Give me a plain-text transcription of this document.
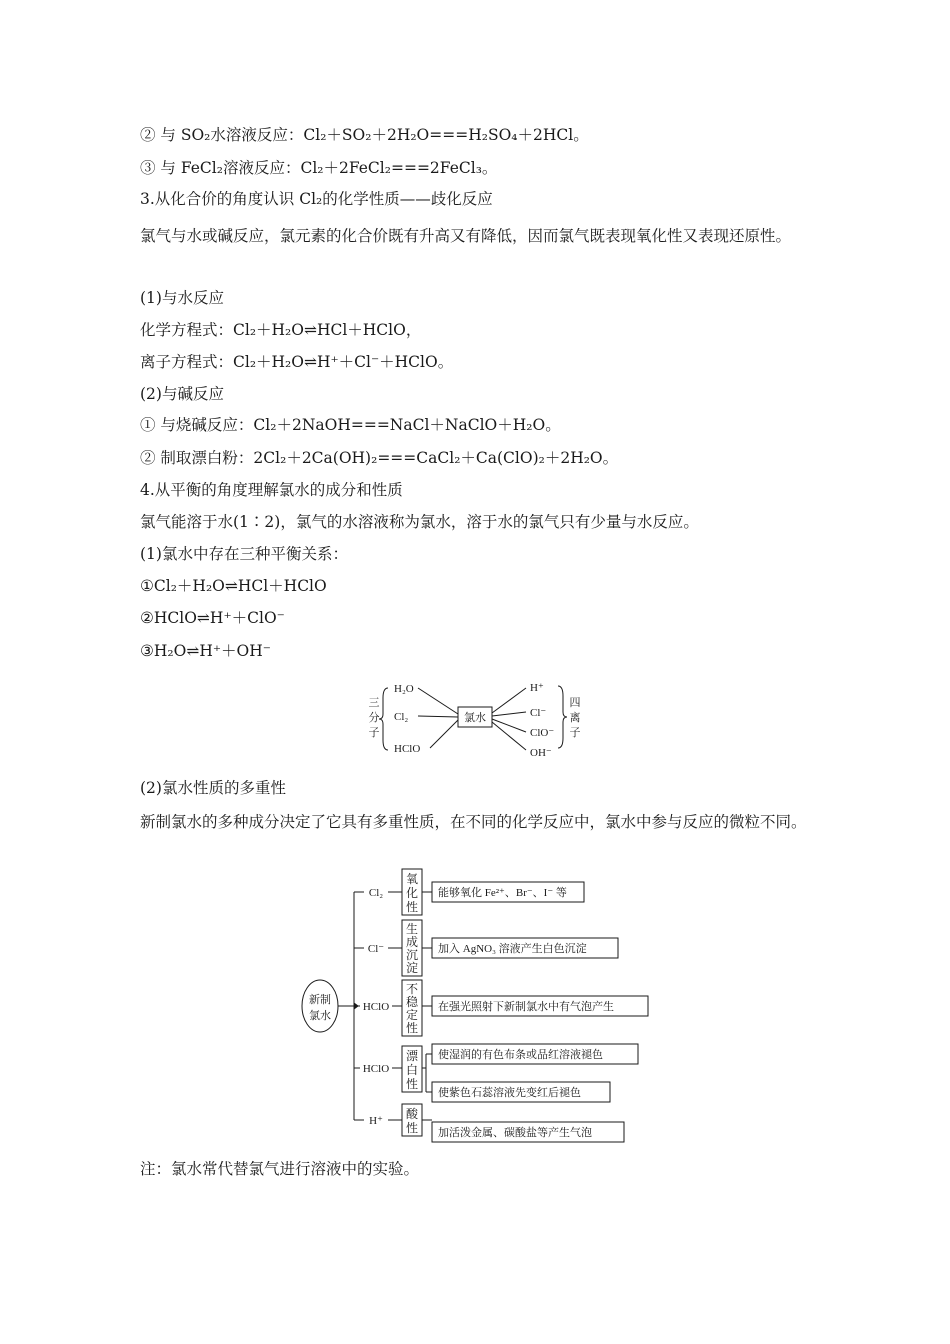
② 与 SO₂水溶液反应：Cl₂＋SO₂＋2H₂O===H₂SO₄＋2HCl。
③ 与 FeCl₂溶液反应：Cl₂＋2FeCl₂===2FeCl₃。
3.从化合价的角度认识 Cl₂的化学性质——歧化反应
氯气与水或碱反应，氯元素的化合价既有升高又有降低，因而氯气既表现氧化性又表现还原性。
(1)与水反应
化学方程式：Cl₂＋H₂O⇌HCl＋HClO，
离子方程式：Cl₂＋H₂O⇌H⁺＋Cl⁻＋HClO。
(2)与碱反应
① 与烧碱反应：Cl₂＋2NaOH===NaCl＋NaClO＋H₂O。
② 制取漂白粉：2Cl₂＋2Ca(OH)₂===CaCl₂＋Ca(ClO)₂＋2H₂O。
4.从平衡的角度理解氯水的成分和性质
氯气能溶于水(1∶2)，氯气的水溶液称为氯水，溶于水的氯气只有少量与水反应。
(1)氯水中存在三种平衡关系：
①Cl₂＋H₂O⇌HCl＋HClO
②HClO⇌H⁺＋ClO⁻
③H₂O⇌H⁺＋OH⁻
三
分
子
H₂O
Cl₂
HClO
氯水
H⁺
Cl⁻
ClO⁻
OH⁻
四
离
子
(2)氯水性质的多重性
新制氯水的多种成分决定了它具有多重性质，在不同的化学反应中，氯水中参与反应的微粒不同。
新制
氯水
Cl₂
Cl⁻
HClO
HClO
H⁺
氧
化
性
生
成
沉
淀
不
稳
定
性
漂
白
性
酸
性
能够氧化 Fe²⁺、Br⁻、I⁻ 等
加入 AgNO₃ 溶液产生白色沉淀
在强光照射下新制氯水中有气泡产生
使湿润的有色布条或品红溶液褪色
使紫色石蕊溶液先变红后褪色
加活泼金属、碳酸盐等产生气泡
注：氯水常代替氯气进行溶液中的实验。
